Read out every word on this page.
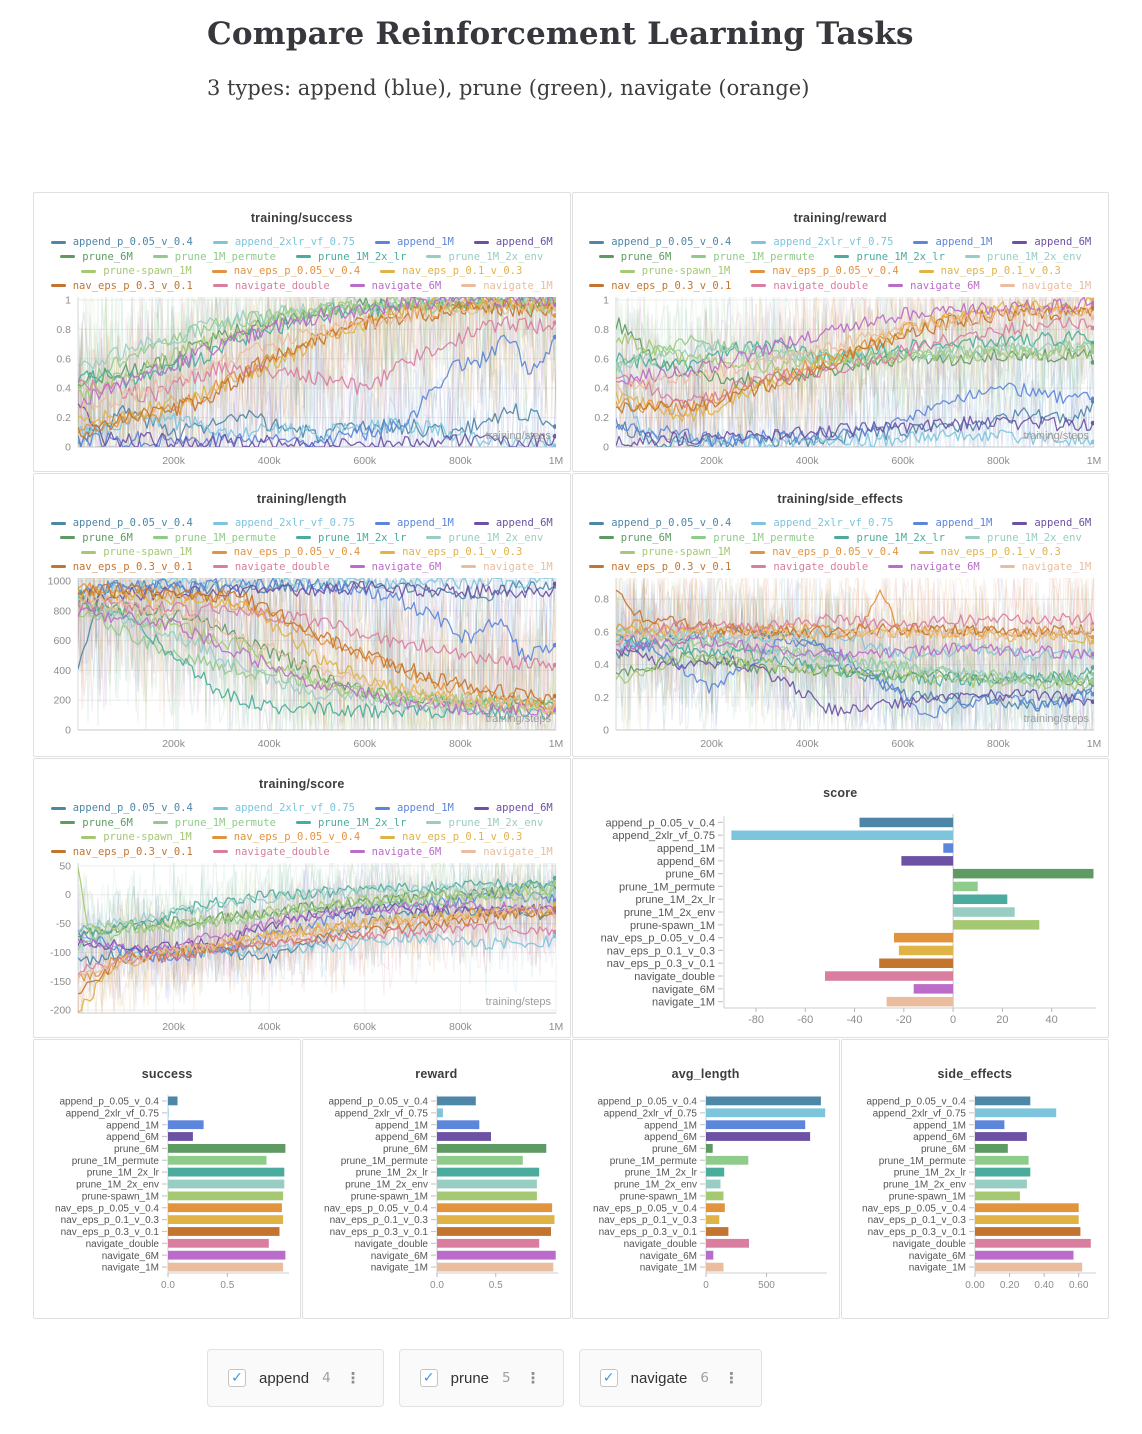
Compare Reinforcement Learning Tasks
3 types: append (blue), prune (green), navigate (orange)
training/success
append_p_0.05_v_0.4	append_2xlr_vf_0.75	append_1M	append_6M
prune_6M	prune_1M_permute	prune_1M_2x_lr	prune_1M_2x_env
prune-spawn_1M	nav_eps_p_0.05_v_0.4	nav_eps_p_0.1_v_0.3
nav_eps_p_0.3_v_0.1	navigate_double	navigate_6M	navigate_1M
0
0.2
0.4
0.6
0.8
1
200k	400k	600k	800k	1M
training/steps
training/reward
append_p_0.05_v_0.4	append_2xlr_vf_0.75	append_1M	append_6M
prune_6M	prune_1M_permute	prune_1M_2x_lr	prune_1M_2x_env
prune-spawn_1M	nav_eps_p_0.05_v_0.4	nav_eps_p_0.1_v_0.3
nav_eps_p_0.3_v_0.1	navigate_double	navigate_6M	navigate_1M
0
0.2
0.4
0.6
0.8
1
200k	400k	600k	800k	1M
training/steps
training/length
append_p_0.05_v_0.4	append_2xlr_vf_0.75	append_1M	append_6M
prune_6M	prune_1M_permute	prune_1M_2x_lr	prune_1M_2x_env
prune-spawn_1M	nav_eps_p_0.05_v_0.4	nav_eps_p_0.1_v_0.3
nav_eps_p_0.3_v_0.1	navigate_double	navigate_6M	navigate_1M
0
200
400
600
800
1000
200k	400k	600k	800k	1M
training/steps
training/side_effects
append_p_0.05_v_0.4	append_2xlr_vf_0.75	append_1M	append_6M
prune_6M	prune_1M_permute	prune_1M_2x_lr	prune_1M_2x_env
prune-spawn_1M	nav_eps_p_0.05_v_0.4	nav_eps_p_0.1_v_0.3
nav_eps_p_0.3_v_0.1	navigate_double	navigate_6M	navigate_1M
0
0.2
0.4
0.6
0.8
200k	400k	600k	800k	1M
training/steps
training/score
append_p_0.05_v_0.4	append_2xlr_vf_0.75	append_1M	append_6M
prune_6M	prune_1M_permute	prune_1M_2x_lr	prune_1M_2x_env
prune-spawn_1M	nav_eps_p_0.05_v_0.4	nav_eps_p_0.1_v_0.3
nav_eps_p_0.3_v_0.1	navigate_double	navigate_6M	navigate_1M
50
0
-50
-100
-150
-200
200k	400k	600k	800k	1M
training/steps
score
-80	-60	-40	-20	0	20	40
append_p_0.05_v_0.4
append_2xlr_vf_0.75
append_1M
append_6M
prune_6M
prune_1M_permute
prune_1M_2x_lr
prune_1M_2x_env
prune-spawn_1M
nav_eps_p_0.05_v_0.4
nav_eps_p_0.1_v_0.3
nav_eps_p_0.3_v_0.1
navigate_double
navigate_6M
navigate_1M
success
0.0	0.5
append_p_0.05_v_0.4
append_2xlr_vf_0.75
append_1M
append_6M
prune_6M
prune_1M_permute
prune_1M_2x_lr
prune_1M_2x_env
prune-spawn_1M
nav_eps_p_0.05_v_0.4
nav_eps_p_0.1_v_0.3
nav_eps_p_0.3_v_0.1
navigate_double
navigate_6M
navigate_1M
reward
0.0	0.5
append_p_0.05_v_0.4
append_2xlr_vf_0.75
append_1M
append_6M
prune_6M
prune_1M_permute
prune_1M_2x_lr
prune_1M_2x_env
prune-spawn_1M
nav_eps_p_0.05_v_0.4
nav_eps_p_0.1_v_0.3
nav_eps_p_0.3_v_0.1
navigate_double
navigate_6M
navigate_1M
avg_length
0	500
append_p_0.05_v_0.4
append_2xlr_vf_0.75
append_1M
append_6M
prune_6M
prune_1M_permute
prune_1M_2x_lr
prune_1M_2x_env
prune-spawn_1M
nav_eps_p_0.05_v_0.4
nav_eps_p_0.1_v_0.3
nav_eps_p_0.3_v_0.1
navigate_double
navigate_6M
navigate_1M
side_effects
0.00 0.20 0.40 0.60
append_p_0.05_v_0.4
append_2xlr_vf_0.75
append_1M
append_6M
prune_6M
prune_1M_permute
prune_1M_2x_lr
prune_1M_2x_env
prune-spawn_1M
nav_eps_p_0.05_v_0.4
nav_eps_p_0.1_v_0.3
nav_eps_p_0.3_v_0.1
navigate_double
navigate_6M
navigate_1M
✓
append 4 ⋮ ✓	prune 5 ⋮ ✓	navigate 6
⋮
